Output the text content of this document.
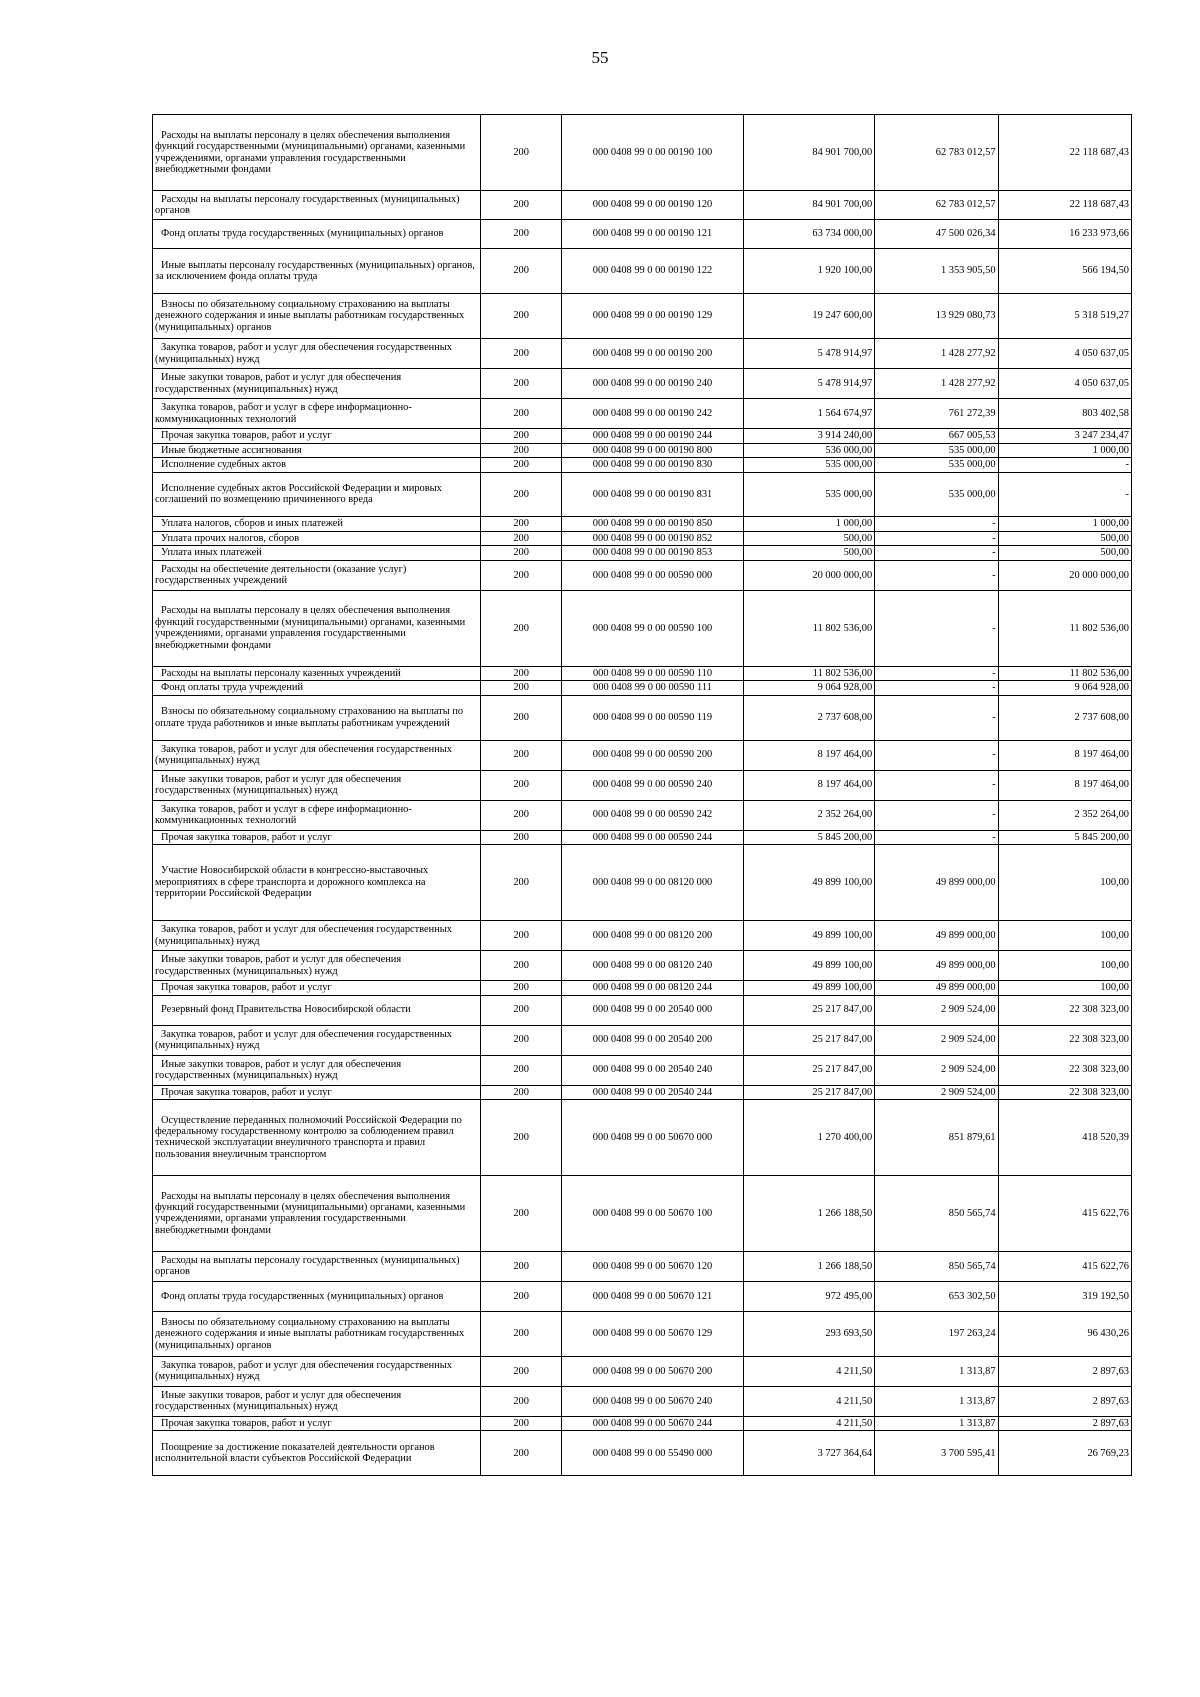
55
Расходы на выплаты персоналу в целях обеспечения выполнения функций государственными (муниципальными) органами, казенными учреждениями, органами управления государственными внебюджетными фондами	200	000 0408 99 0 00 00190 100	84 901 700,00	62 783 012,57	22 118 687,43
Расходы на выплаты персоналу государственных (муниципальных) органов	200	000 0408 99 0 00 00190 120	84 901 700,00	62 783 012,57	22 118 687,43
Фонд оплаты труда государственных (муниципальных) органов	200	000 0408 99 0 00 00190 121	63 734 000,00	47 500 026,34	16 233 973,66
Иные выплаты персоналу государственных (муниципальных) органов, за исключением фонда оплаты труда	200	000 0408 99 0 00 00190 122	1 920 100,00	1 353 905,50	566 194,50
Взносы по обязательному социальному страхованию на выплаты денежного содержания и иные выплаты работникам государственных (муниципальных) органов	200	000 0408 99 0 00 00190 129	19 247 600,00	13 929 080,73	5 318 519,27
Закупка товаров, работ и услуг для обеспечения государственных (муниципальных) нужд	200	000 0408 99 0 00 00190 200	5 478 914,97	1 428 277,92	4 050 637,05
Иные закупки товаров, работ и услуг для обеспечения государственных (муниципальных) нужд	200	000 0408 99 0 00 00190 240	5 478 914,97	1 428 277,92	4 050 637,05
Закупка товаров, работ и услуг в сфере информационно-коммуникационных технологий	200	000 0408 99 0 00 00190 242	1 564 674,97	761 272,39	803 402,58
Прочая закупка товаров, работ и услуг	200	000 0408 99 0 00 00190 244	3 914 240,00	667 005,53	3 247 234,47
Иные бюджетные ассигнования	200	000 0408 99 0 00 00190 800	536 000,00	535 000,00	1 000,00
Исполнение судебных актов	200	000 0408 99 0 00 00190 830	535 000,00	535 000,00	-
Исполнение судебных актов Российской Федерации и мировых соглашений по возмещению причиненного вреда	200	000 0408 99 0 00 00190 831	535 000,00	535 000,00	-
Уплата налогов, сборов и иных платежей	200	000 0408 99 0 00 00190 850	1 000,00	-	1 000,00
Уплата прочих налогов, сборов	200	000 0408 99 0 00 00190 852	500,00	-	500,00
Уплата иных платежей	200	000 0408 99 0 00 00190 853	500,00	-	500,00
Расходы на обеспечение деятельности (оказание услуг) государственных учреждений	200	000 0408 99 0 00 00590 000	20 000 000,00	-	20 000 000,00
Расходы на выплаты персоналу в целях обеспечения выполнения функций государственными (муниципальными) органами, казенными учреждениями, органами управления государственными внебюджетными фондами	200	000 0408 99 0 00 00590 100	11 802 536,00	-	11 802 536,00
Расходы на выплаты персоналу казенных учреждений	200	000 0408 99 0 00 00590 110	11 802 536,00	-	11 802 536,00
Фонд оплаты труда учреждений	200	000 0408 99 0 00 00590 111	9 064 928,00	-	9 064 928,00
Взносы по обязательному социальному страхованию на выплаты по оплате труда работников и иные выплаты работникам учреждений	200	000 0408 99 0 00 00590 119	2 737 608,00	-	2 737 608,00
Закупка товаров, работ и услуг для обеспечения государственных (муниципальных) нужд	200	000 0408 99 0 00 00590 200	8 197 464,00	-	8 197 464,00
Иные закупки товаров, работ и услуг для обеспечения государственных (муниципальных) нужд	200	000 0408 99 0 00 00590 240	8 197 464,00	-	8 197 464,00
Закупка товаров, работ и услуг в сфере информационно-коммуникационных технологий	200	000 0408 99 0 00 00590 242	2 352 264,00	-	2 352 264,00
Прочая закупка товаров, работ и услуг	200	000 0408 99 0 00 00590 244	5 845 200,00	-	5 845 200,00
Участие Новосибирской области в конгрессно-выставочных мероприятиях в сфере транспорта и дорожного комплекса на территории Российской Федерации	200	000 0408 99 0 00 08120 000	49 899 100,00	49 899 000,00	100,00
Закупка товаров, работ и услуг для обеспечения государственных (муниципальных) нужд	200	000 0408 99 0 00 08120 200	49 899 100,00	49 899 000,00	100,00
Иные закупки товаров, работ и услуг для обеспечения государственных (муниципальных) нужд	200	000 0408 99 0 00 08120 240	49 899 100,00	49 899 000,00	100,00
Прочая закупка товаров, работ и услуг	200	000 0408 99 0 00 08120 244	49 899 100,00	49 899 000,00	100,00
Резервный фонд Правительства Новосибирской области	200	000 0408 99 0 00 20540 000	25 217 847,00	2 909 524,00	22 308 323,00
Закупка товаров, работ и услуг для обеспечения государственных (муниципальных) нужд	200	000 0408 99 0 00 20540 200	25 217 847,00	2 909 524,00	22 308 323,00
Иные закупки товаров, работ и услуг для обеспечения государственных (муниципальных) нужд	200	000 0408 99 0 00 20540 240	25 217 847,00	2 909 524,00	22 308 323,00
Прочая закупка товаров, работ и услуг	200	000 0408 99 0 00 20540 244	25 217 847,00	2 909 524,00	22 308 323,00
Осуществление переданных полномочий Российской Федерации по федеральному государственному контролю за соблюдением правил технической эксплуатации внеуличного транспорта и правил пользования внеуличным транспортом	200	000 0408 99 0 00 50670 000	1 270 400,00	851 879,61	418 520,39
Расходы на выплаты персоналу в целях обеспечения выполнения функций государственными (муниципальными) органами, казенными учреждениями, органами управления государственными внебюджетными фондами	200	000 0408 99 0 00 50670 100	1 266 188,50	850 565,74	415 622,76
Расходы на выплаты персоналу государственных (муниципальных) органов	200	000 0408 99 0 00 50670 120	1 266 188,50	850 565,74	415 622,76
Фонд оплаты труда государственных (муниципальных) органов	200	000 0408 99 0 00 50670 121	972 495,00	653 302,50	319 192,50
Взносы по обязательному социальному страхованию на выплаты денежного содержания и иные выплаты работникам государственных (муниципальных) органов	200	000 0408 99 0 00 50670 129	293 693,50	197 263,24	96 430,26
Закупка товаров, работ и услуг для обеспечения государственных (муниципальных) нужд	200	000 0408 99 0 00 50670 200	4 211,50	1 313,87	2 897,63
Иные закупки товаров, работ и услуг для обеспечения государственных (муниципальных) нужд	200	000 0408 99 0 00 50670 240	4 211,50	1 313,87	2 897,63
Прочая закупка товаров, работ и услуг	200	000 0408 99 0 00 50670 244	4 211,50	1 313,87	2 897,63
Поощрение за достижение показателей деятельности органов исполнительной власти субъектов Российской Федерации	200	000 0408 99 0 00 55490 000	3 727 364,64	3 700 595,41	26 769,23
